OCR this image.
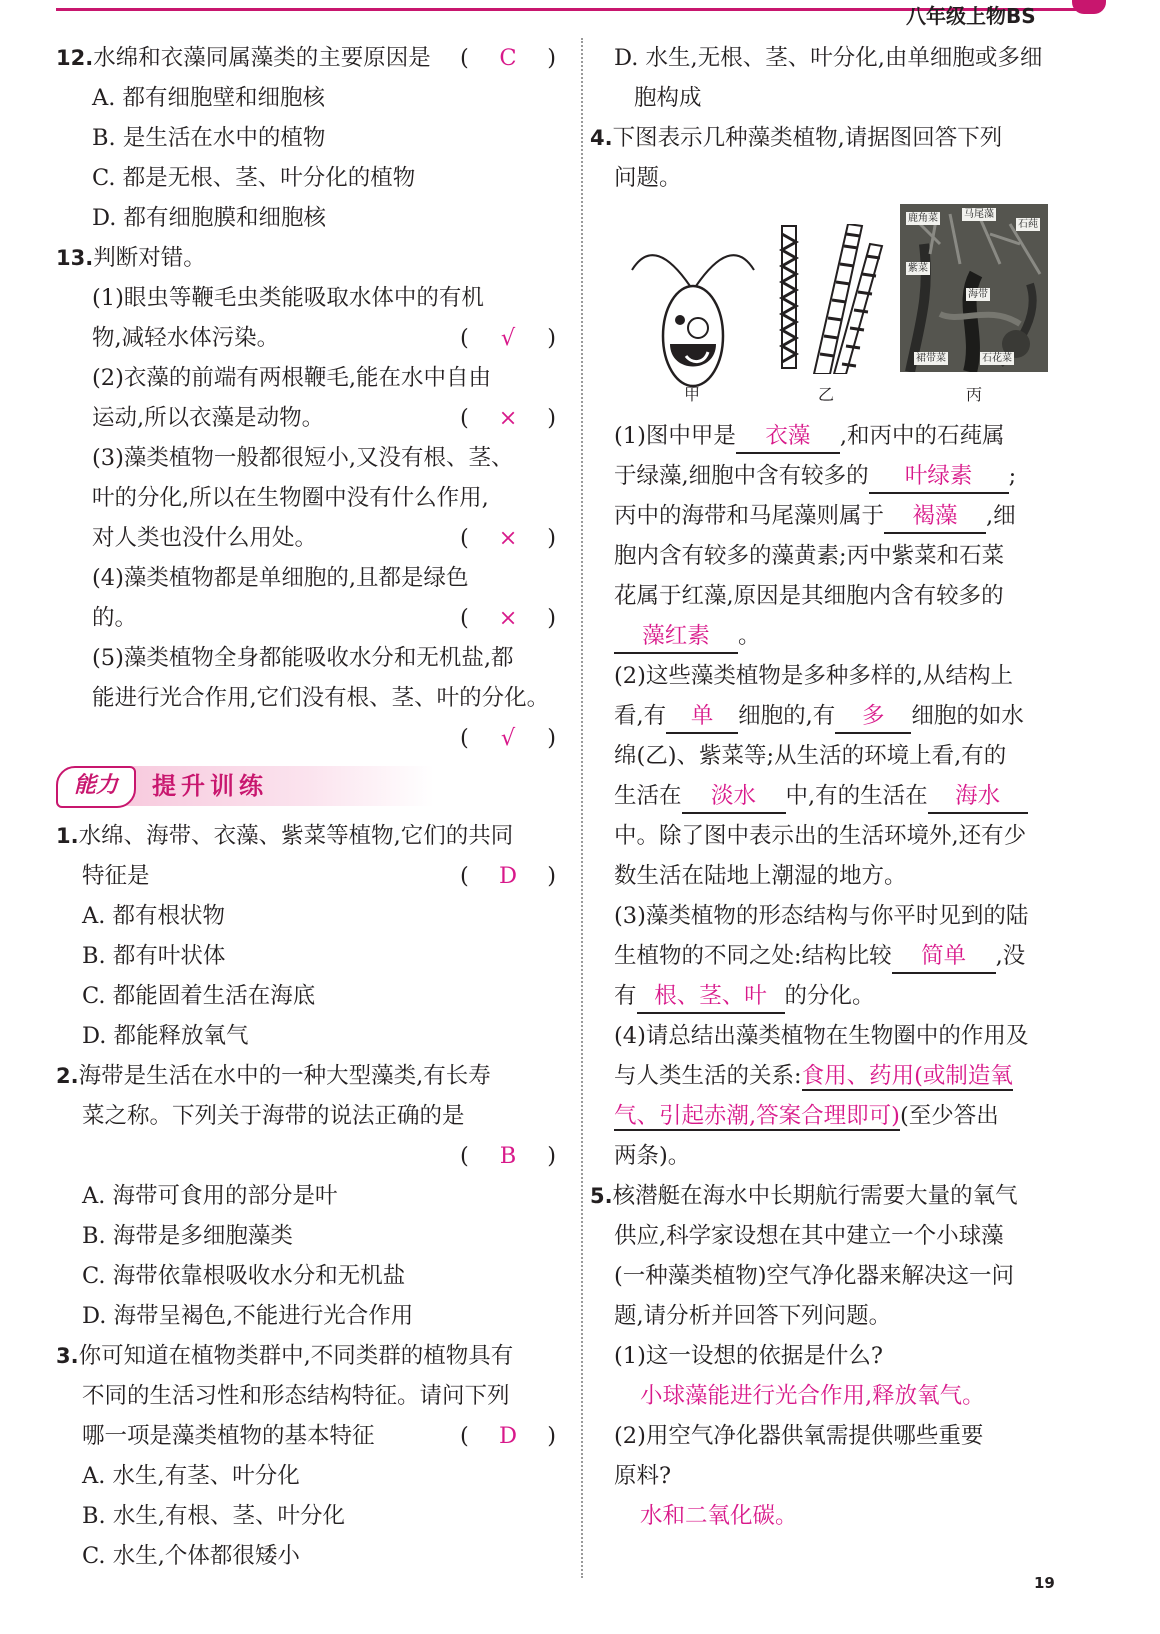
八年级上物BS
12.水绵和衣藻同属藻类的主要原因是 ( C )
A. 都有细胞壁和细胞核
B. 是生活在水中的植物
C. 都是无根、茎、叶分化的植物
D. 都有细胞膜和细胞核
13.判断对错。
(1)眼虫等鞭毛虫类能吸取水体中的有机
物,减轻水体污染。	( √ )
(2)衣藻的前端有两根鞭毛,能在水中自由
运动,所以衣藻是动物。	( × )
(3)藻类植物一般都很短小,又没有根、茎、
叶的分化,所以在生物圈中没有什么作用,
对人类也没什么用处。	( × )
(4)藻类植物都是单细胞的,且都是绿色
的。	( × )
(5)藻类植物全身都能吸收水分和无机盐,都
能进行光合作用,它们没有根、茎、叶的分化。
( √ )
能力	提升训练
1.水绵、海带、衣藻、紫菜等植物,它们的共同
特征是	( D )
A. 都有根状物
B. 都有叶状体
C. 都能固着生活在海底
D. 都能释放氧气
2.海带是生活在水中的一种大型藻类,有长寿
菜之称。下列关于海带的说法正确的是
( B )
A. 海带可食用的部分是叶
B. 海带是多细胞藻类
C. 海带依靠根吸收水分和无机盐
D. 海带呈褐色,不能进行光合作用
3.你可知道在植物类群中,不同类群的植物具有
不同的生活习性和形态结构特征。请问下列
哪一项是藻类植物的基本特征	( D )
A. 水生,有茎、叶分化
B. 水生,有根、茎、叶分化
C. 水生,个体都很矮小
D. 水生,无根、茎、叶分化,由单细胞或多细
胞构成
4.下图表示几种藻类植物,请据图回答下列
问题。
鹿角菜	马尾藻
石莼
紫菜
海带
裙带菜	石花菜
甲	乙	丙
(1)图中甲是 衣藻 ,和丙中的石莼属
于绿藻,细胞中含有较多的 叶绿素 ;
丙中的海带和马尾藻则属于 褐藻 ,细
胞内含有较多的藻黄素;丙中紫菜和石菜
花属于红藻,原因是其细胞内含有较多的
藻红素 。
(2)这些藻类植物是多种多样的,从结构上
看,有 单 细胞的,有 多 细胞的如水
绵(乙)、紫菜等;从生活的环境上看,有的
生活在 淡水 中,有的生活在 海水
中。除了图中表示出的生活环境外,还有少
数生活在陆地上潮湿的地方。
(3)藻类植物的形态结构与你平时见到的陆
生植物的不同之处:结构比较 简单 ,没
有 根、茎、叶 的分化。
(4)请总结出藻类植物在生物圈中的作用及
与人类生活的关系:食用、药用(或制造氧
气、引起赤潮,答案合理即可)(至少答出
两条)。
5.核潜艇在海水中长期航行需要大量的氧气
供应,科学家设想在其中建立一个小球藻
(一种藻类植物)空气净化器来解决这一问
题,请分析并回答下列问题。
(1)这一设想的依据是什么?
小球藻能进行光合作用,释放氧气。
(2)用空气净化器供氧需提供哪些重要
原料?
水和二氧化碳。
19
